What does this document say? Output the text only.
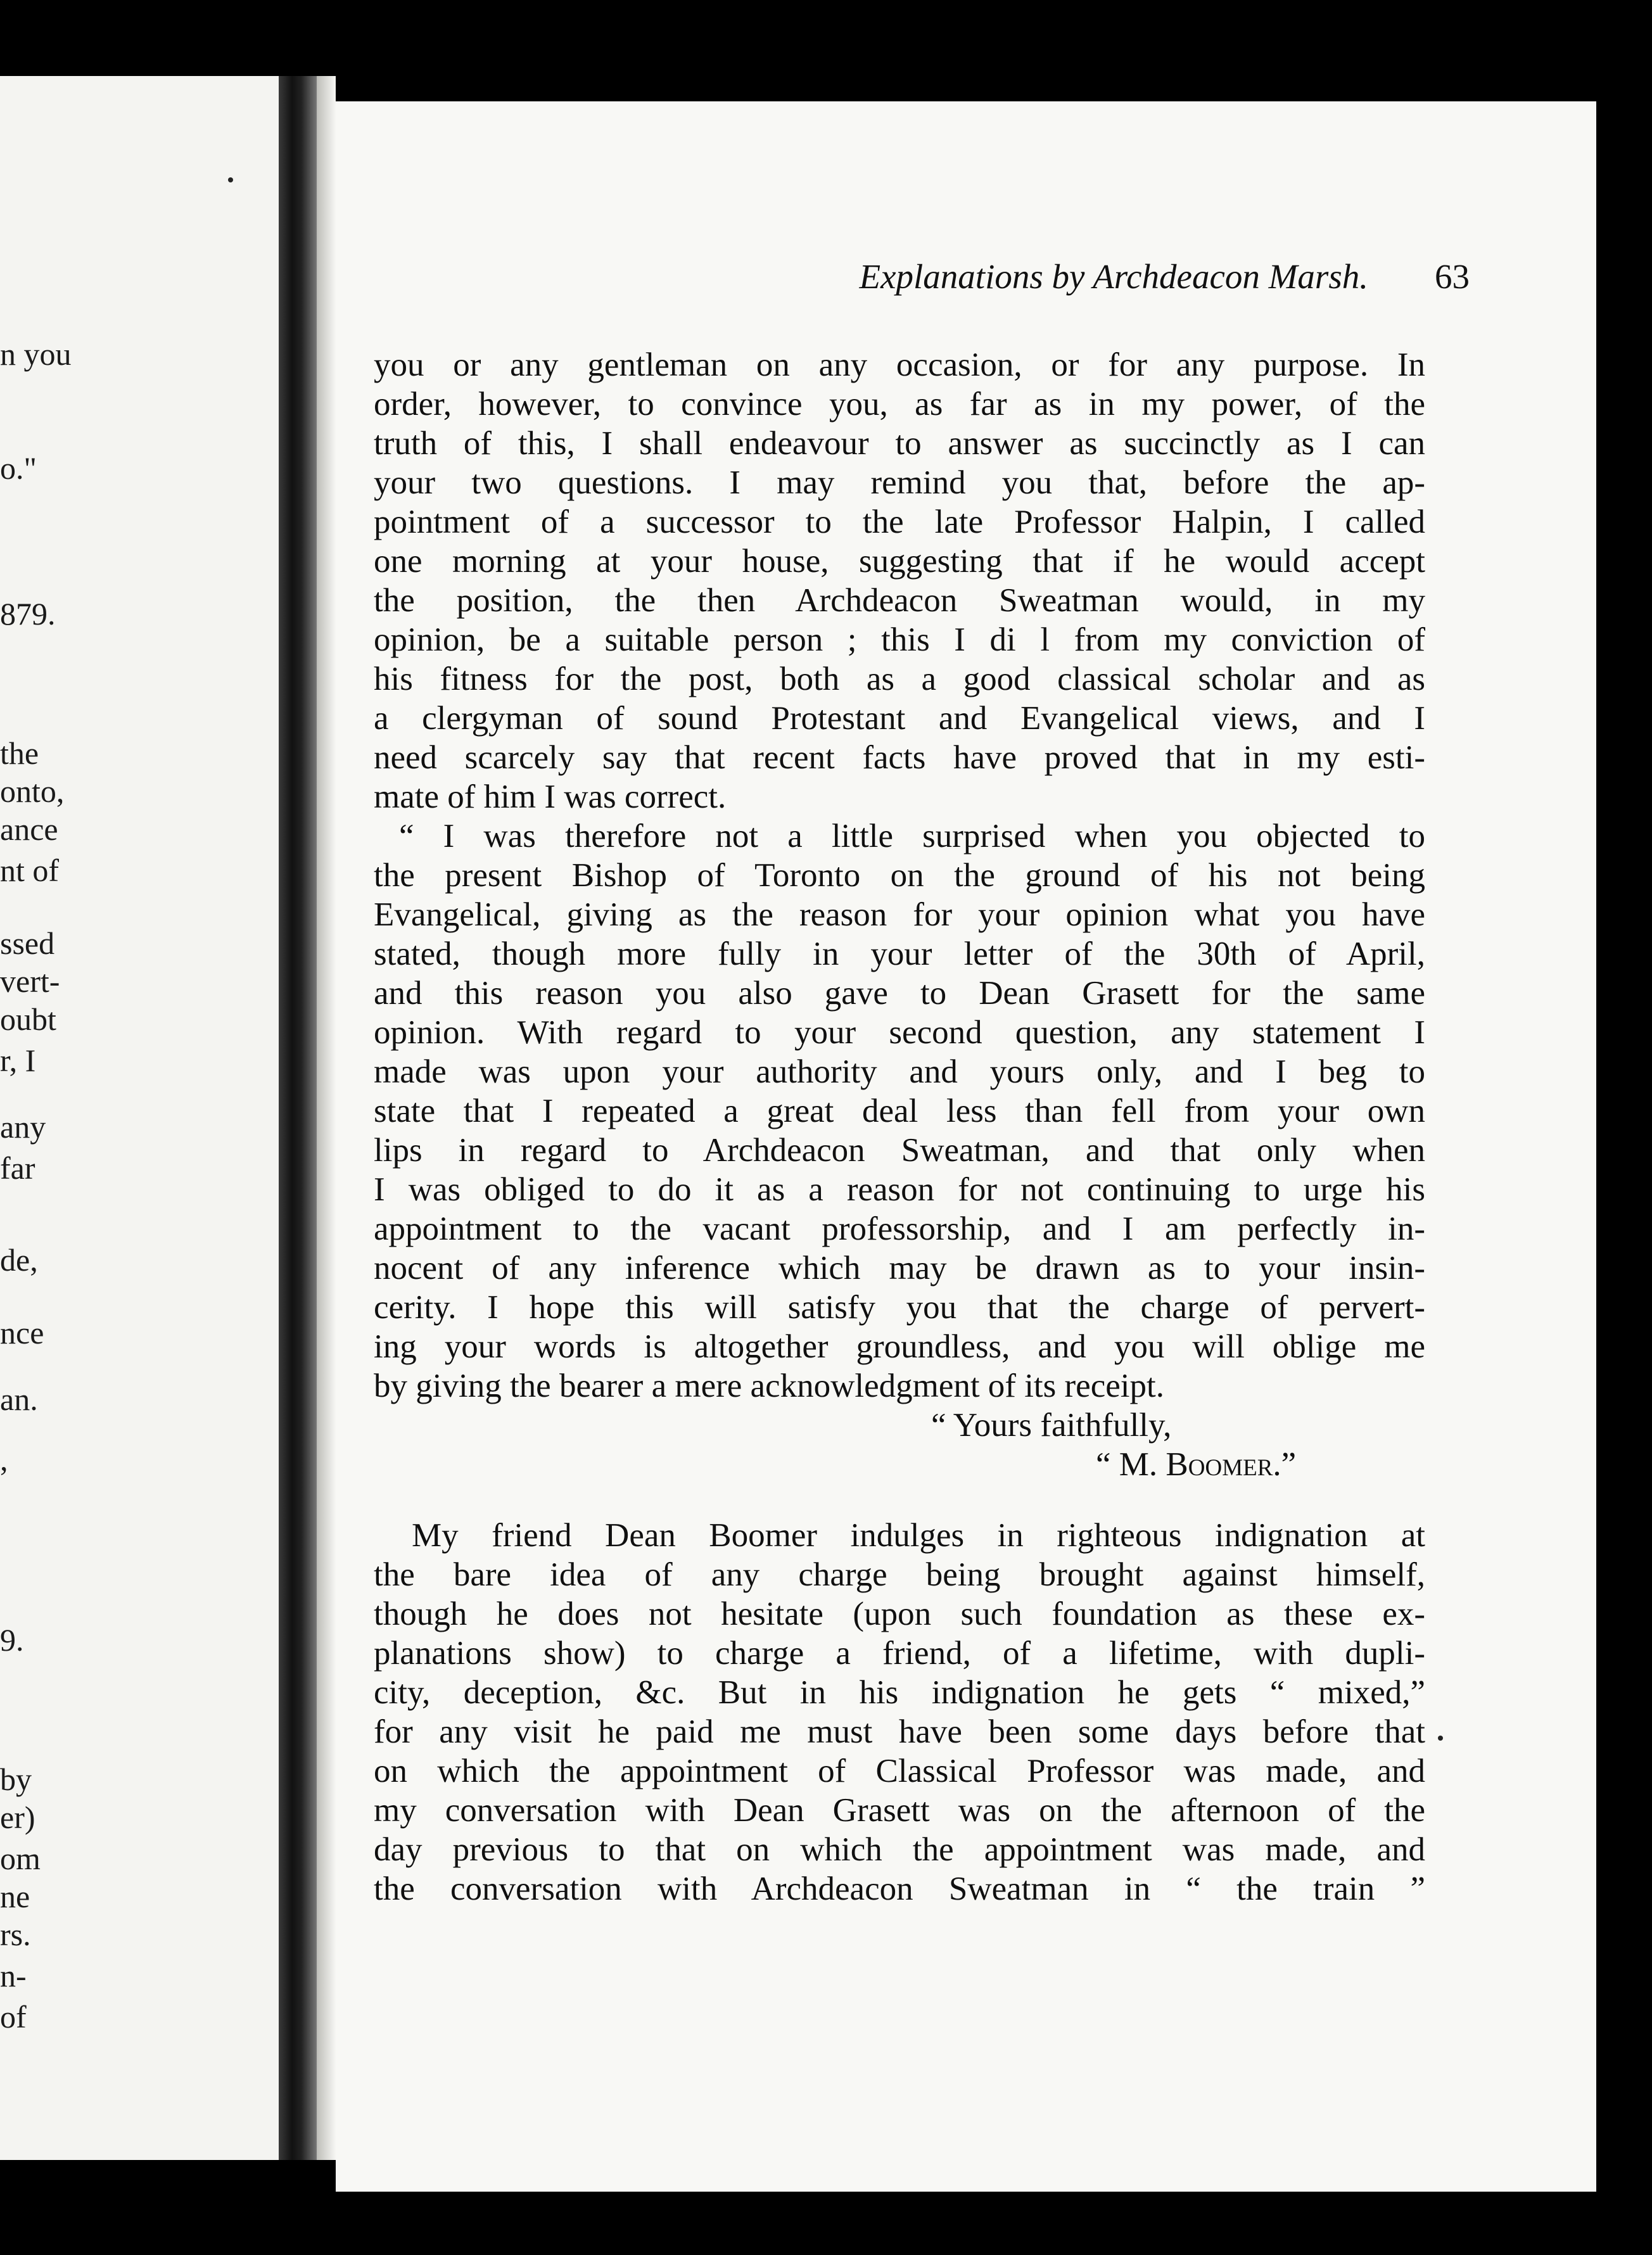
n you
o."
879.
the
onto,
ance
nt of
ssed
vert-
oubt
r, I
any
far
de,
nce
an.
,
9.
by
er)
om
ne
rs.
n-
of
Explanations by Archdeacon Marsh. 63
you or any gentleman on any occasion, or for any purpose. In
order, however, to convince you, as far as in my power, of the
truth of this, I shall endeavour to answer as succinctly as I can
your two questions. I may remind you that, before the ap-
pointment of a successor to the late Professor Halpin, I called
one morning at your house, suggesting that if he would accept
the position, the then Archdeacon Sweatman would, in my
opinion, be a suitable person ; this I di l from my conviction of
his fitness for the post, both as a good classical scholar and as
a clergyman of sound Protestant and Evangelical views, and I
need scarcely say that recent facts have proved that in my esti-
mate of him I was correct.
“ I was therefore not a little surprised when you objected to
the present Bishop of Toronto on the ground of his not being
Evangelical, giving as the reason for your opinion what you have
stated, though more fully in your letter of the 30th of April,
and this reason you also gave to Dean Grasett for the same
opinion. With regard to your second question, any statement I
made was upon your authority and yours only, and I beg to
state that I repeated a great deal less than fell from your own
lips in regard to Archdeacon Sweatman, and that only when
I was obliged to do it as a reason for not continuing to urge his
appointment to the vacant professorship, and I am perfectly in-
nocent of any inference which may be drawn as to your insin-
cerity. I hope this will satisfy you that the charge of pervert-
ing your words is altogether groundless, and you will oblige me
by giving the bearer a mere acknowledgment of its receipt.
“ Yours faithfully,
“ M. Boomer.”
My friend Dean Boomer indulges in righteous indignation at
the bare idea of any charge being brought against himself,
though he does not hesitate (upon such foundation as these ex-
planations show) to charge a friend, of a lifetime, with dupli-
city, deception, &c. But in his indignation he gets “ mixed,”
for any visit he paid me must have been some days before that
on which the appointment of Classical Professor was made, and
my conversation with Dean Grasett was on the afternoon of the
day previous to that on which the appointment was made, and
the conversation with Archdeacon Sweatman in “ the train ”
